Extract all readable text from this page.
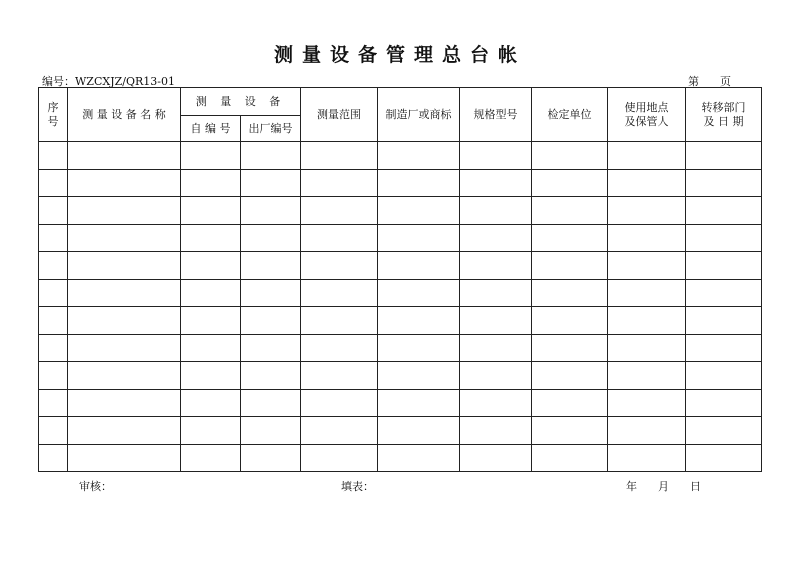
测量设备管理总台帐
编号：WZCXJZ/QR13-01	第      页
序号	测 量 设 备 名 称	测 量 设 备		测量范围	制造厂或商标	规格型号	检定单位	使用地点及保管人	转移部门及 日 期
		自 编 号	出厂编号						

审核：	填表：	年      月      日
